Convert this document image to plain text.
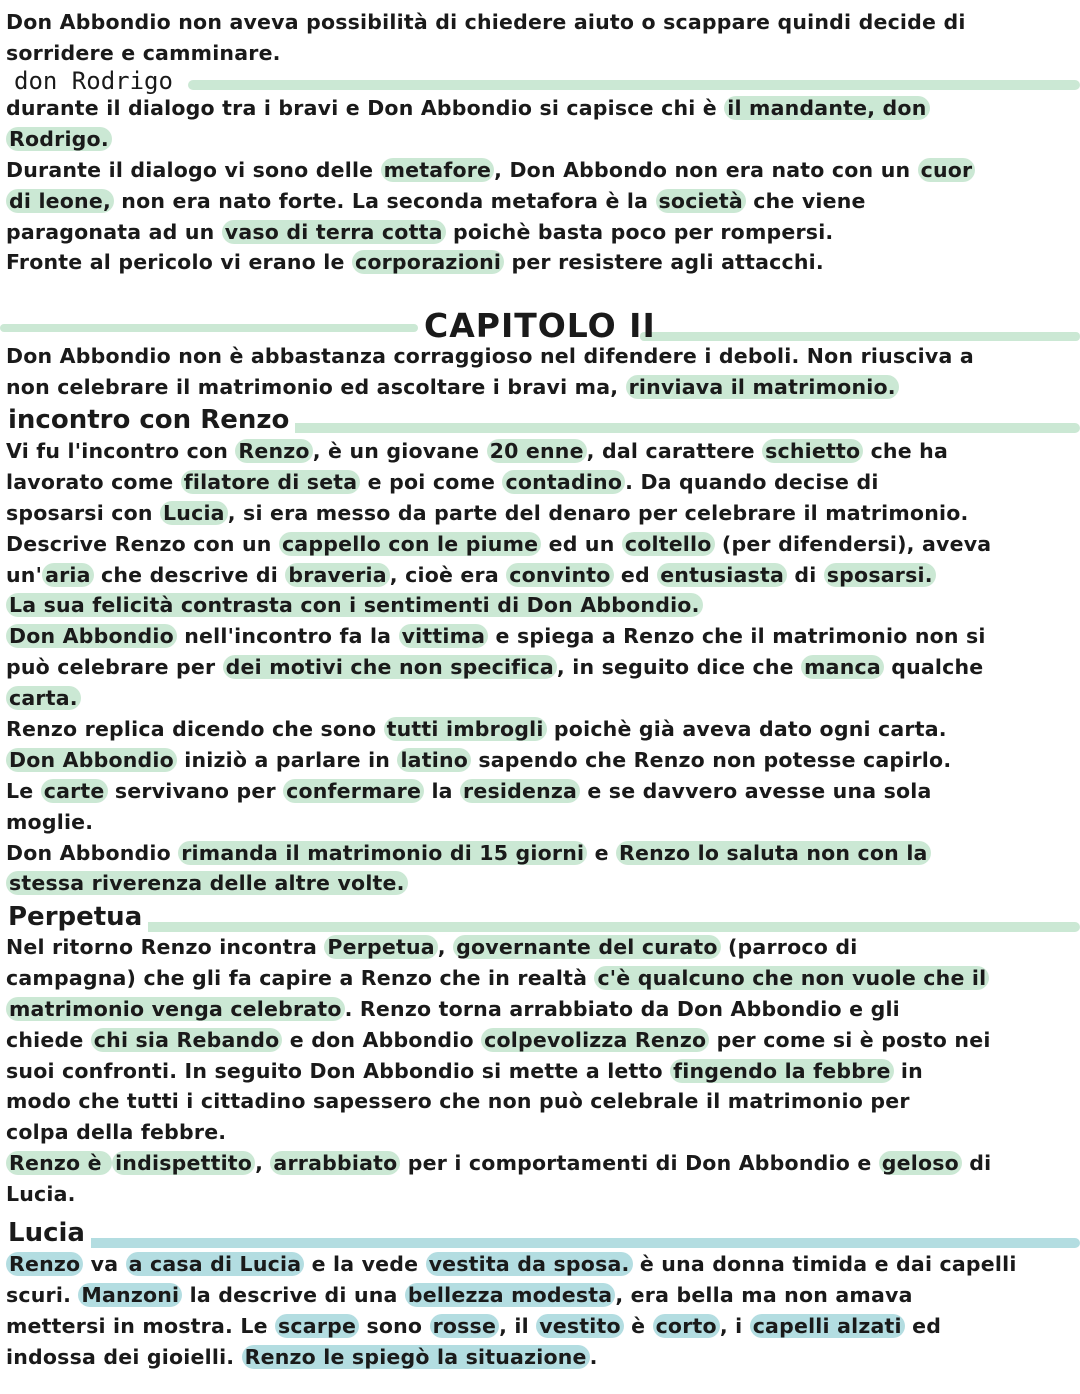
Don Abbondio non aveva possibilità di chiedere aiuto o scappare quindi decide di
sorridere e camminare.
don Rodrigo
durante il dialogo tra i bravi e Don Abbondio si capisce chi è il mandante, don
Rodrigo.
Durante il dialogo vi sono delle metafore , Don Abbondo non era nato con un cuor
di leone, non era nato forte. La seconda metafora è la società che viene
paragonata ad un vaso di terra cotta poichè basta poco per rompersi.
Fronte al pericolo vi erano le corporazioni per resistere agli attacchi.
CAPITOLO II
Don Abbondio non è abbastanza corraggioso nel difendere i deboli. Non riusciva a
non celebrare il matrimonio ed ascoltare i bravi ma, rinviava il matrimonio.
incontro con Renzo
Vi fu l'incontro con Renzo , è un giovane 20 enne , dal carattere schietto che ha
lavorato come filatore di seta e poi come contadino . Da quando decise di
sposarsi con Lucia , si era messo da parte del denaro per celebrare il matrimonio.
Descrive Renzo con un cappello con le piume ed un coltello (per difendersi), aveva
un' aria che descrive di braveria , cioè era convinto ed entusiasta di sposarsi.
La sua felicità contrasta con i sentimenti di Don Abbondio.
Don Abbondio nell'incontro fa la vittima e spiega a Renzo che il matrimonio non si
può celebrare per dei motivi che non specifica , in seguito dice che manca qualche
carta.
Renzo replica dicendo che sono tutti imbrogli poichè già aveva dato ogni carta.
Don Abbondio iniziò a parlare in latino sapendo che Renzo non potesse capirlo.
Le carte servivano per confermare la residenza e se davvero avesse una sola
moglie.
Don Abbondio rimanda il matrimonio di 15 giorni e Renzo lo saluta non con la
stessa riverenza delle altre volte.
Perpetua
Nel ritorno Renzo incontra Perpetua , governante del curato (parroco di
campagna) che gli fa capire a Renzo che in realtà c'è qualcuno che non vuole che il
matrimonio venga celebrato . Renzo torna arrabbiato da Don Abbondio e gli
chiede chi sia Rebando e don Abbondio colpevolizza Renzo per come si è posto nei
suoi confronti. In seguito Don Abbondio si mette a letto fingendo la febbre in
modo che tutti i cittadino sapessero che non può celebrale il matrimonio per
colpa della febbre.
Renzo è indispettito , arrabbiato per i comportamenti di Don Abbondio e geloso di
Lucia.
Lucia
Renzo va a casa di Lucia e la vede vestita da sposa. è una donna timida e dai capelli
scuri. Manzoni la descrive di una bellezza modesta , era bella ma non amava
mettersi in mostra. Le scarpe sono rosse , il vestito è corto , i capelli alzati ed
indossa dei gioielli. Renzo le spiegò la situazione .
